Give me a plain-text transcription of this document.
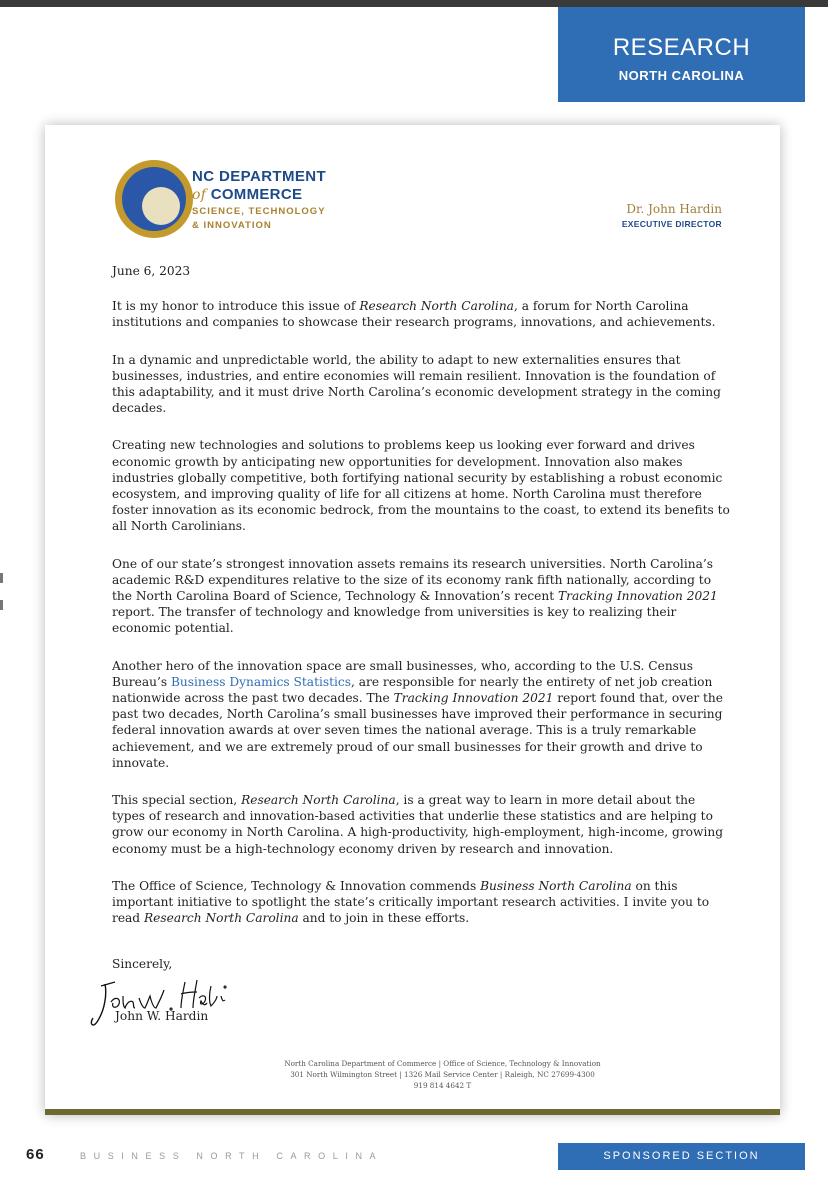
RESEARCH
NORTH CAROLINA
NC DEPARTMENT
of COMMERCE
SCIENCE, TECHNOLOGY
& INNOVATION
Dr. John Hardin
EXECUTIVE DIRECTOR

June 6, 2023

It is my honor to introduce this issue of Research North Carolina, a forum for North Carolina institutions and companies to showcase their research programs, innovations, and achievements.

In a dynamic and unpredictable world, the ability to adapt to new externalities ensures that businesses, industries, and entire economies will remain resilient. Innovation is the foundation of this adaptability, and it must drive North Carolina’s economic development strategy in the coming decades.

Creating new technologies and solutions to problems keep us looking ever forward and drives economic growth by anticipating new opportunities for development. Innovation also makes industries globally competitive, both fortifying national security by establishing a robust economic ecosystem, and improving quality of life for all citizens at home. North Carolina must therefore foster innovation as its economic bedrock, from the mountains to the coast, to extend its benefits to all North Carolinians.

One of our state’s strongest innovation assets remains its research universities. North Carolina’s academic R&D expenditures relative to the size of its economy rank fifth nationally, according to the North Carolina Board of Science, Technology & Innovation’s recent Tracking Innovation 2021 report. The transfer of technology and knowledge from universities is key to realizing their economic potential.

Another hero of the innovation space are small businesses, who, according to the U.S. Census Bureau’s Business Dynamics Statistics, are responsible for nearly the entirety of net job creation nationwide across the past two decades. The Tracking Innovation 2021 report found that, over the past two decades, North Carolina’s small businesses have improved their performance in securing federal innovation awards at over seven times the national average. This is a truly remarkable achievement, and we are extremely proud of our small businesses for their growth and drive to innovate.

This special section, Research North Carolina, is a great way to learn in more detail about the types of research and innovation-based activities that underlie these statistics and are helping to grow our economy in North Carolina. A high-productivity, high-employment, high-income, growing economy must be a high-technology economy driven by research and innovation.

The Office of Science, Technology & Innovation commends Business North Carolina on this important initiative to spotlight the state’s critically important research activities. I invite you to read Research North Carolina and to join in these efforts.

Sincerely,
John W. Hardin
North Carolina Department of Commerce | Office of Science, Technology & Innovation
301 North Wilmington Street | 1326 Mail Service Center | Raleigh, NC 27699-4300
919 814 4642 T
66	BUSINESS NORTH CAROLINA	SPONSORED SECTION
